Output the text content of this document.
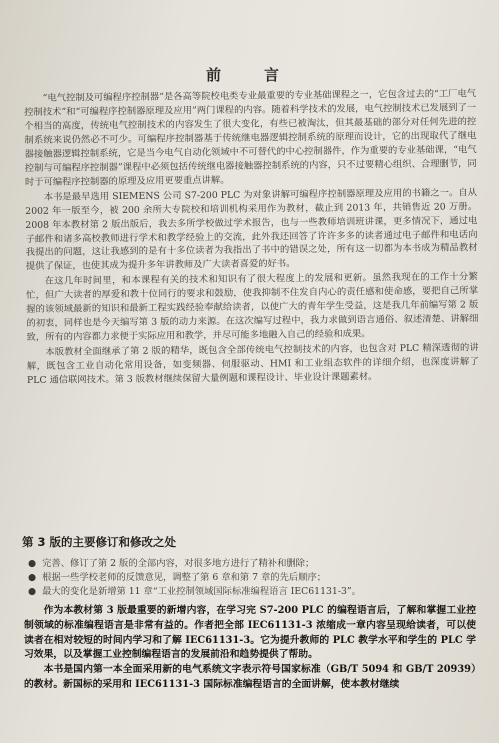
前　言

“电气控制及可编程序控制器”是各高等院校电类专业最重要的专业基础课程之一，它包含过去的“工厂电气控制技术”和“可编程序控制器原理及应用”两门课程的内容。随着科学技术的发展，电气控制技术已发展到了一个相当的高度，传统电气控制技术的内容发生了很大变化，有些已被淘汰，但其最基础的部分对任何先进的控制系统来说仍然必不可少。可编程序控制器基于传统继电器逻辑控制系统的原理而设计，它的出现取代了继电器接触器逻辑控制系统，它是当今电气自动化领域中不可替代的中心控制器件，作为重要的专业基础课，“电气控制与可编程序控制器”课程中必须包括传统继电器接触器控制系统的内容，只不过要精心组织、合理删节，同时于可编程序控制器的原理及应用更要重点讲解。

本书是最早选用 SIEMENS 公司 S7-200 PLC 为对象讲解可编程序控制器原理及应用的书籍之一。自从 2002 年一版至今，被 200 余所大专院校和培训机构采用作为教材，截止到 2013 年，共销售近 20 万册。2008 年本教材第 2 版出版后，我去多所学校做过学术报告，也与一些教师培训班讲课，更多情况下，通过电子邮件和诸多高校教师进行学术和教学经验上的交流，此外我还回答了许许多多的读者通过电子邮件和电话向我提出的问题，这让我感到的是有十多位读者为我指出了书中的错误之处，所有这一切都为本书成为精品教材提供了保证，也使其成为提升多年讲教师及广大读者喜爱的好书。

在这几年时间里，和本课程有关的技术和知识有了很大程度上的发展和更新。虽然我现在的工作十分繁忙，但广大读者的厚爱和教十位同行的要求和鼓励，使我抑制不住发自内心的责任感和使命感，要把自己所掌握的该领域最新的知识和最新工程实践经验奉献给读者，以使广大的青年学生受益，这是我几年前编写第 2 版的初衷，同样也是今天编写第 3 版的动力来源。在这次编写过程中，我力求做到语言通俗、叙述清楚、讲解细致，所有的内容都力求便于实际应用和教学，并尽可能多地融入自己的经验和成果。

本版教材全面继承了第 2 版的精华，既包含全部传统电气控制技术的内容，也包含对 PLC 精深透彻的讲解，既包含工业自动化常用设备，如变频器、伺服驱动、HMI 和工业组态软件的详细介绍，也深度讲解了 PLC 通信联网技术。第 3 版教材继续保留大量例题和课程设计、毕业设计课题素材。

第 3 版的主要修订和修改之处
● 完善、修订了第 2 版的全部内容，对很多地方进行了精补和删除；
● 根据一些学校老师的反馈意见，调整了第 6 章和第 7 章的先后顺序；
● 最大的变化是新增第 11 章“工业控制领域国际标准编程语言 IEC61131-3”。

作为本教材第 3 版最重要的新增内容，在学习完 S7-200 PLC 的编程语言后，了解和掌握工业控制领域的标准编程语言是非常有益的。作者把全部 IEC61131-3 浓缩成一章内容呈现给读者，可以使读者在相对较短的时间内学习和了解 IEC61131-3。它为提升教师的 PLC 教学水平和学生的 PLC 学习效果，以及掌握工业控制编程语言的发展前沿和趋势提供了帮助。

本书是国内第一本全面采用新的电气系统文字表示符号国家标准（GB/T 5094 和 GB/T 20939）的教材。新国标的采用和 IEC61131-3 国际标准编程语言的全面讲解，使本教材继续
